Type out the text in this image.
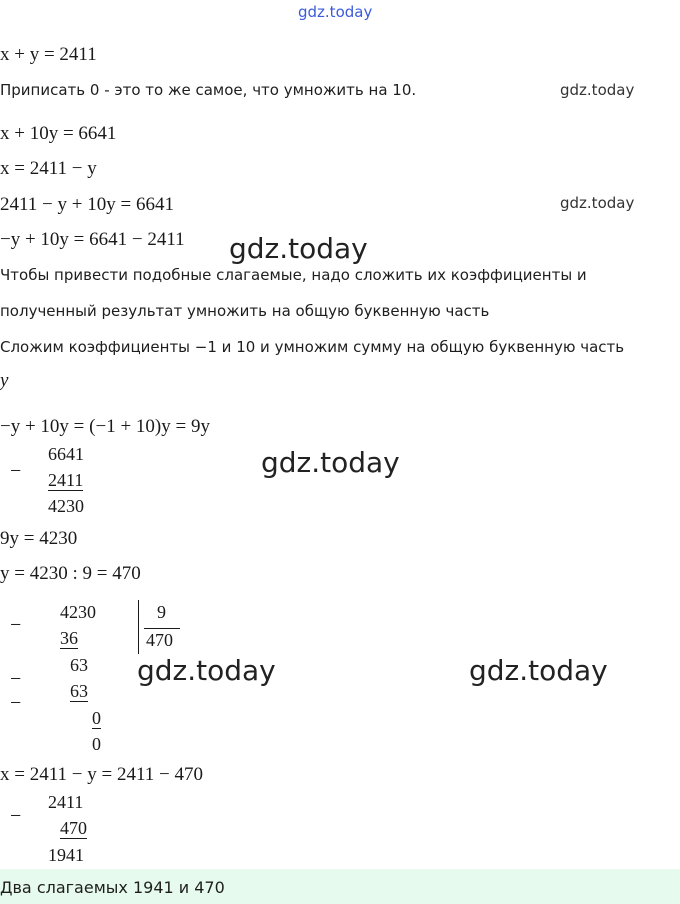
gdz.today
gdz.today
gdz.today
gdz.today
gdz.today
gdz.today	gdz.today
x + y = 2411
Приписать 0 - это то же самое, что умножить на 10.
x + 10y = 6641
x = 2411 − y
2411 − y + 10y = 6641
−y + 10y = 6641 − 2411
Чтобы привести подобные слагаемые, надо сложить их коэффициенты и
полученный результат умножить на общую буквенную часть
Сложим коэффициенты −1 и 10 и умножим сумму на общую буквенную часть
y
−y + 10y = (−1 + 10)y = 9y
−
6641
2411
4230
9y = 4230
y = 4230 : 9 = 470
−
4230	9
470
36
63
−
−
63
0
0
x = 2411 − y = 2411 − 470
−
2411
470
1941
Два слагаемых 1941 и 470
